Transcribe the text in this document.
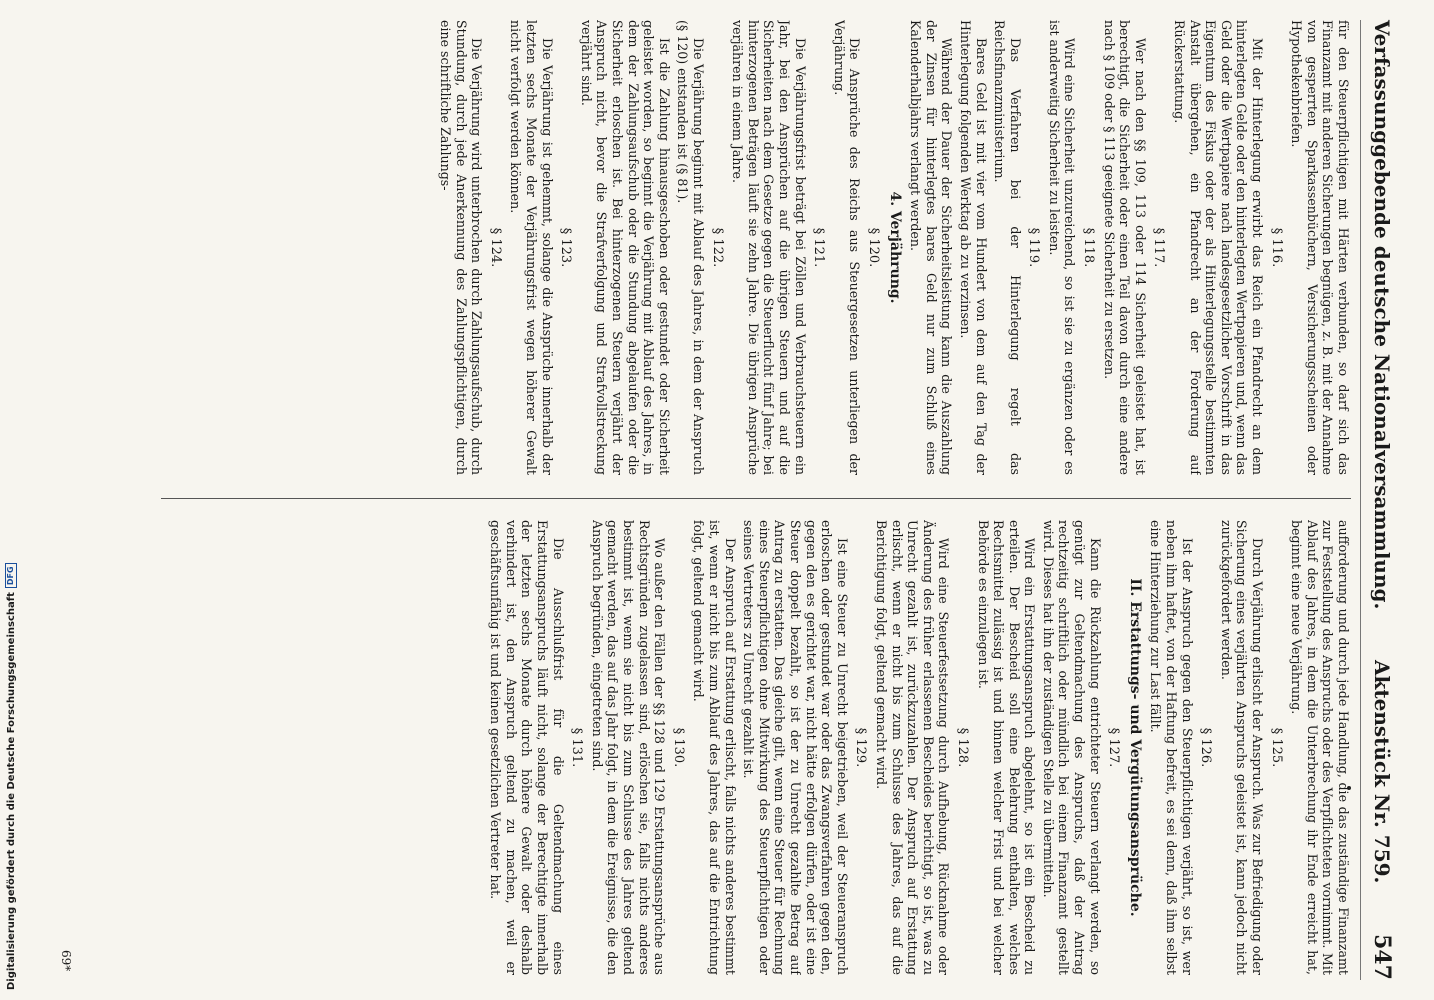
Verfassunggebende deutsche Nationalversammlung.
Aktenstück Nr. 759.
547

für den Steuerpflichtigen mit Härten verbunden, so darf sich das Finanzamt mit anderen Sicherungen begnügen, z. B. mit der Annahme von gesperrten Sparkassenbüchern, Versicherungsscheinen oder Hypothekenbriefen.

§ 116.

Mit der Hinterlegung erwirbt das Reich ein Pfandrecht an dem hinterlegten Gelde oder den hinterlegten Wertpapieren und, wenn das Geld oder die Wertpapiere nach landesgesetzlicher Vorschrift in das Eigentum des Fiskus oder der als Hinterlegungsstelle bestimmten Anstalt übergehen, ein Pfandrecht an der Forderung auf Rückerstattung.

§ 117.

Wer nach den §§ 109, 113 oder 114 Sicherheit geleistet hat, ist berechtigt, die Sicherheit oder einen Teil davon durch eine andere nach § 109 oder § 113 geeignete Sicherheit zu ersetzen.

§ 118.

Wird eine Sicherheit unzureichend, so ist sie zu ergänzen oder es ist anderweitig Sicherheit zu leisten.

§ 119.

Das Verfahren bei der Hinterlegung regelt das Reichsfinanzministerium.

Bares Geld ist mit vier vom Hundert von dem auf den Tag der Hinterlegung folgenden Werktag ab zu verzinsen.

Während der Dauer der Sicherheitsleistung kann die Auszahlung der Zinsen für hinterlegtes bares Geld nur zum Schluß eines Kalenderhalbjahrs verlangt werden.

4. Verjährung.
§ 120.

Die Ansprüche des Reichs aus Steuergesetzen unterliegen der Verjährung.

§ 121.

Die Verjährungsfrist beträgt bei Zöllen und Verbrauchsteuern ein Jahr, bei den Ansprüchen auf die übrigen Steuern und auf die Sicherheiten nach dem Gesetze gegen die Steuerflucht fünf Jahre; bei hinterzogenen Beträgen läuft sie zehn Jahre. Die übrigen Ansprüche verjähren in einem Jahre.

§ 122.

Die Verjährung beginnt mit Ablauf des Jahres, in dem der Anspruch (§ 120) entstanden ist (§ 81).

Ist die Zahlung hinausgeschoben oder gestundet oder Sicherheit geleistet worden, so beginnt die Verjährung mit Ablauf des Jahres, in dem der Zahlungsaufschub oder die Stundung abgelaufen oder die Sicherheit erloschen ist. Bei hinterzogenen Steuern verjährt der Anspruch nicht, bevor die Strafverfolgung und Strafvollstreckung verjährt sind.

§ 123.

Die Verjährung ist gehemmt, solange die Ansprüche innerhalb der letzten sechs Monate der Verjährungsfrist wegen höherer Gewalt nicht verfolgt werden können.

§ 124.

Die Verjährung wird unterbrochen durch Zahlungsaufschub, durch Stundung, durch jede Anerkennung des Zahlungspflichtigen, durch eine schriftliche Zahlungs-

aufforderung und durch jede Handlung, die das zuständige Finanzamt zur Feststellung des Anspruchs oder des Verpflichteten vornimmt. Mit Ablauf des Jahres, in dem die Unterbrechung ihr Ende erreicht hat, beginnt eine neue Verjährung.

§ 125.

Durch Verjährung erlischt der Anspruch. Was zur Befriedigung oder Sicherung eines verjährten Anspruchs geleistet ist, kann jedoch nicht zurückgefordert werden.

§ 126.

Ist der Anspruch gegen den Steuerpflichtigen verjährt, so ist, wer neben ihm haftet, von der Haftung befreit, es sei denn, daß ihm selbst eine Hinterziehung zur Last fällt.

II. Erstattungs- und Vergütungsansprüche.
§ 127.

Kann die Rückzahlung entrichteter Steuern verlangt werden, so genügt zur Geltendmachung des Anspruchs, daß der Antrag rechtzeitig schriftlich oder mündlich bei einem Finanzamt gestellt wird. Dieses hat ihn der zuständigen Stelle zu übermitteln.

Wird ein Erstattungsanspruch abgelehnt, so ist ein Bescheid zu erteilen. Der Bescheid soll eine Belehrung enthalten, welches Rechtsmittel zulässig ist und binnen welcher Frist und bei welcher Behörde es einzulegen ist.

§ 128.

Wird eine Steuerfestsetzung durch Aufhebung, Rücknahme oder Änderung des früher erlassenen Bescheides berichtigt, so ist, was zu Unrecht gezahlt ist, zurückzuzahlen. Der Anspruch auf Erstattung erlischt, wenn er nicht bis zum Schlusse des Jahres, das auf die Berichtigung folgt, geltend gemacht wird.

§ 129.

Ist eine Steuer zu Unrecht beigetrieben, weil der Steueranspruch erloschen oder gestundet war oder das Zwangsverfahren gegen den, gegen den es gerichtet war, nicht hätte erfolgen dürfen, oder ist eine Steuer doppelt bezahlt, so ist der zu Unrecht gezahlte Betrag auf Antrag zu erstatten. Das gleiche gilt, wenn eine Steuer für Rechnung eines Steuerpflichtigen ohne Mitwirkung des Steuerpflichtigen oder seines Vertreters zu Unrecht gezahlt ist.

Der Anspruch auf Erstattung erlischt, falls nichts anderes bestimmt ist, wenn er nicht bis zum Ablauf des Jahres, das auf die Entrichtung folgt, geltend gemacht wird.

§ 130.

Wo außer den Fällen der §§ 128 und 129 Erstattungsansprüche aus Rechtsgründen zugelassen sind, erlöschen sie, falls nichts anderes bestimmt ist, wenn sie nicht bis zum Schlusse des Jahres geltend gemacht werden, das auf das Jahr folgt, in dem die Ereignisse, die den Anspruch begründen, eingetreten sind.

§ 131.

Die Ausschlußfrist für die Geltendmachung eines Erstattungsanspruchs läuft nicht, solange der Berechtigte innerhalb der letzten sechs Monate durch höhere Gewalt oder deshalb verhindert ist, den Anspruch geltend zu machen, weil er geschäftsunfähig ist und keinen gesetzlichen Vertreter hat.

69*
Digitalisierung gefördert durch die Deutsche Forschungsgemeinschaft
DFG
